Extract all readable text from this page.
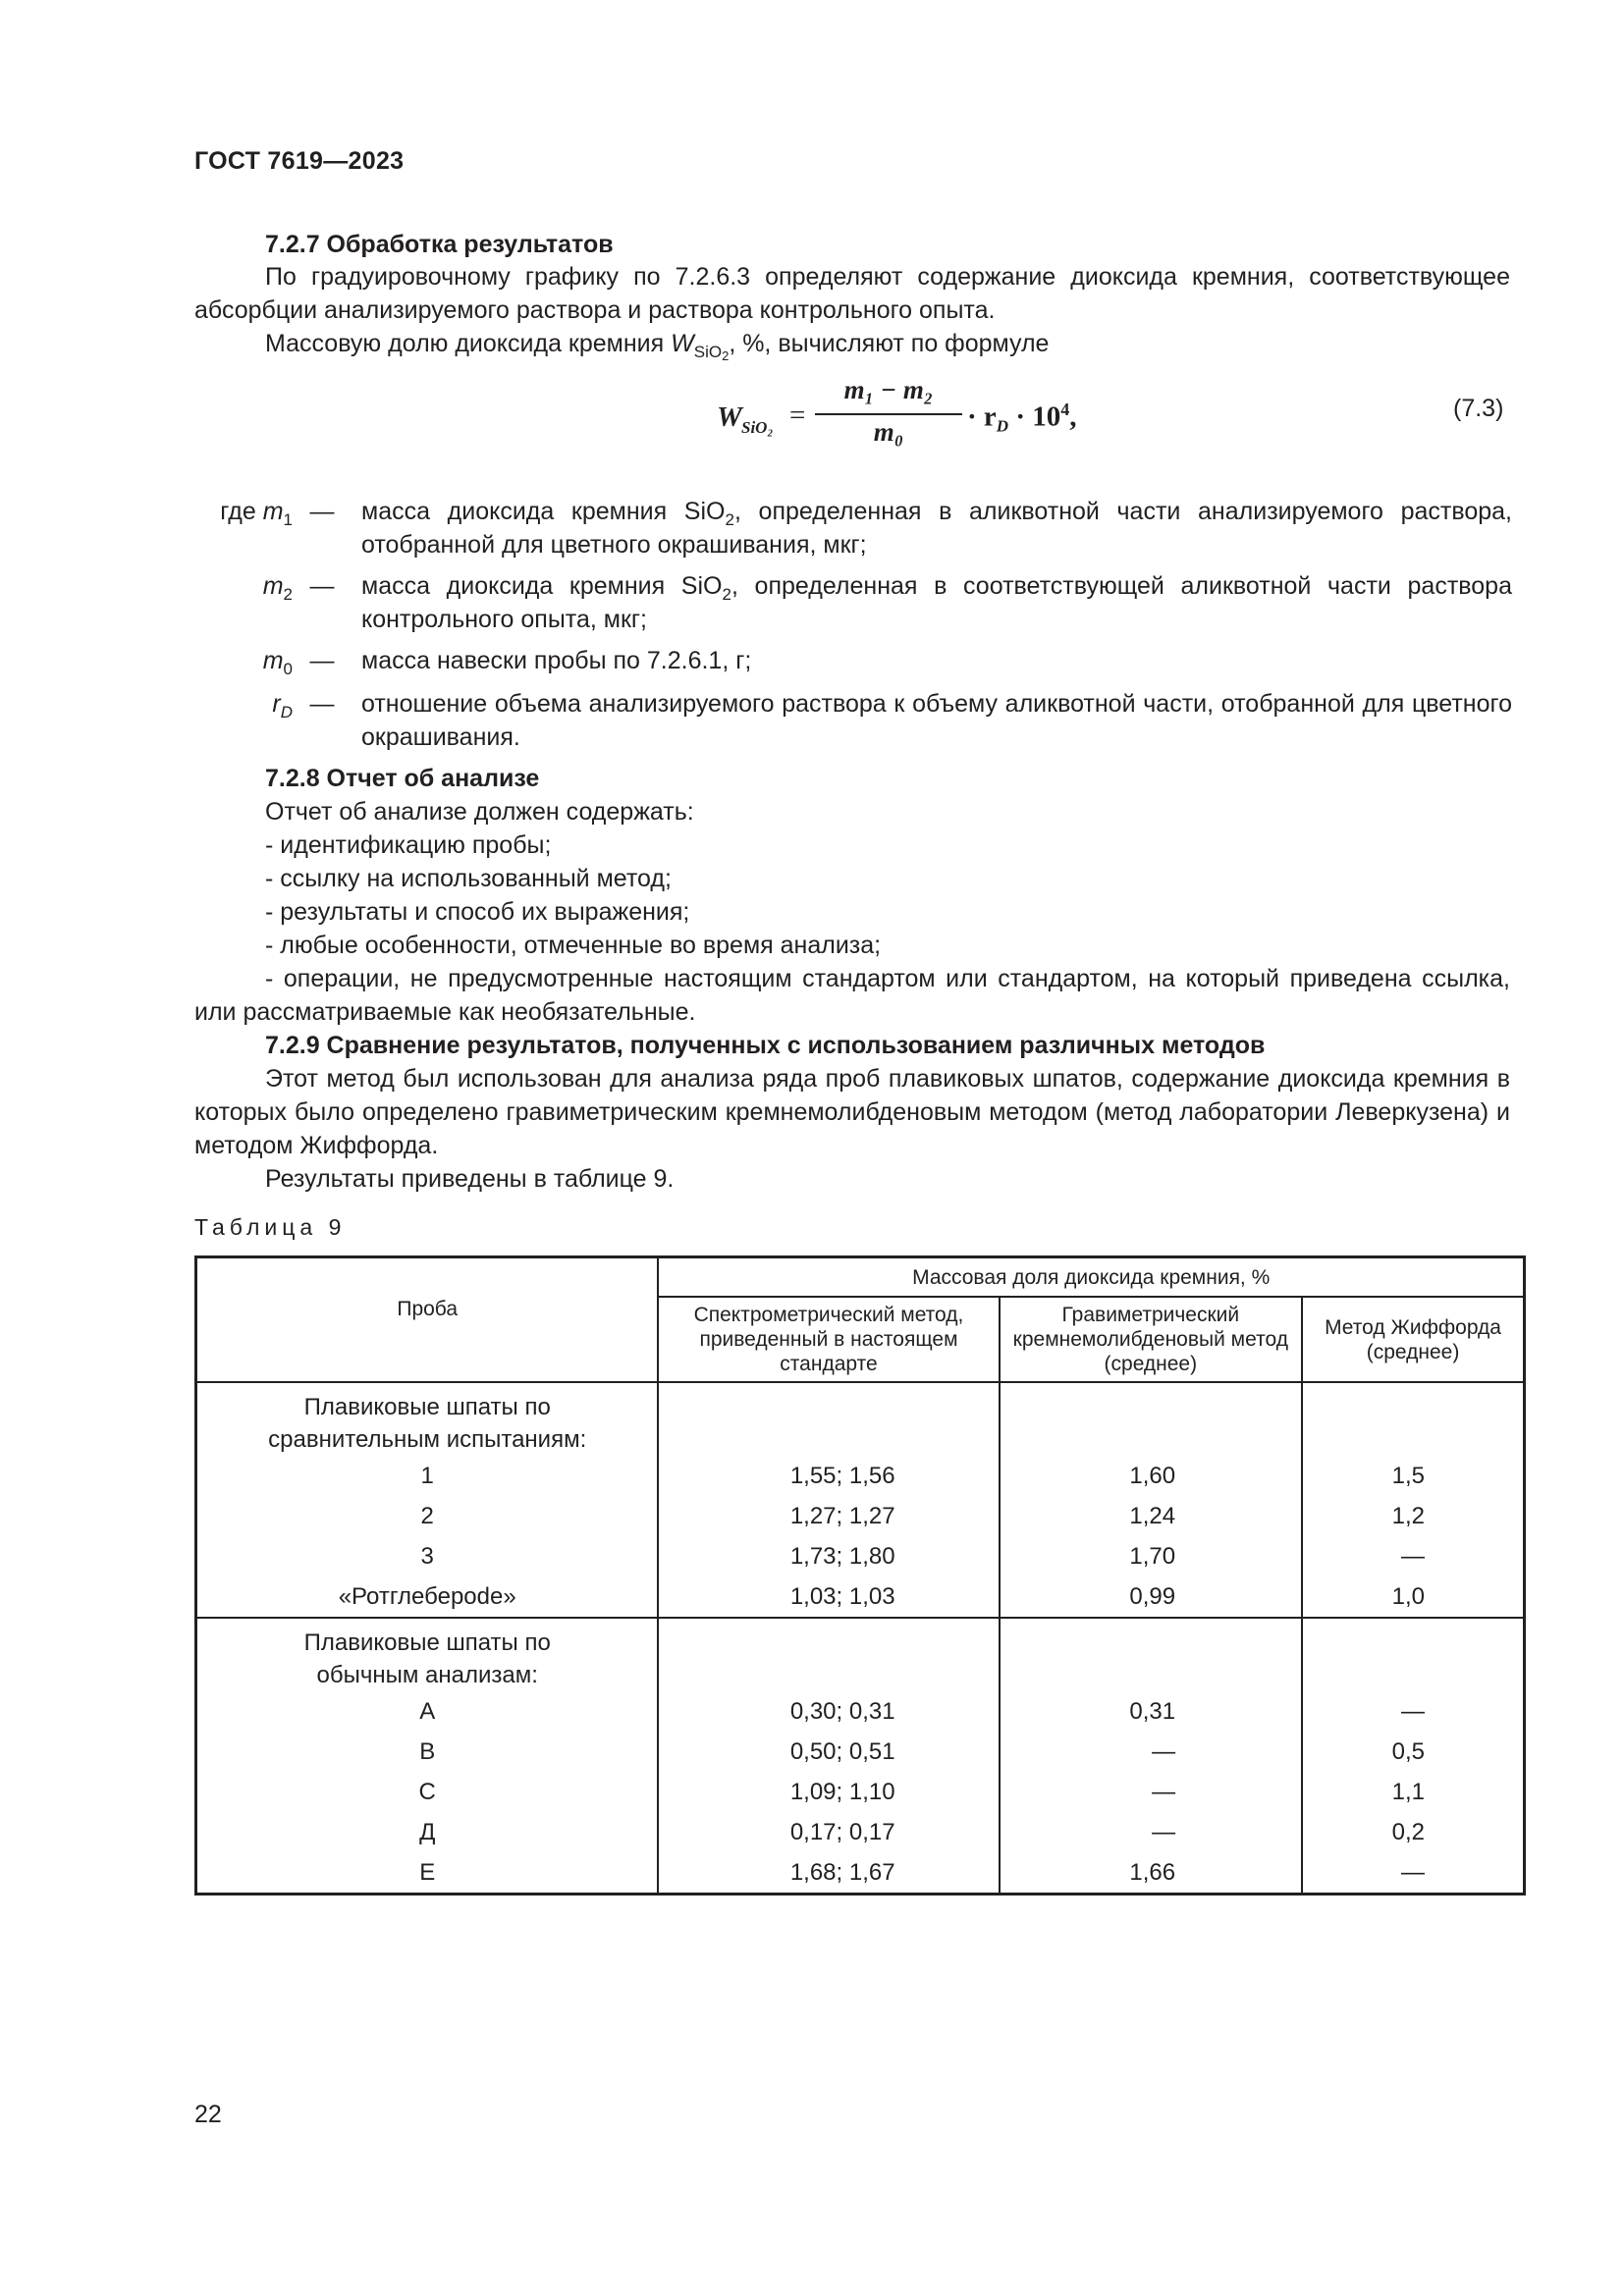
ГОСТ 7619—2023
7.2.7 Обработка результатов
По градуировочному графику по 7.2.6.3 определяют содержание диоксида кремния, соответствующее абсорбции анализируемого раствора и раствора контрольного опыта.
Массовую долю диоксида кремния $W_{SiO_2}$, %, вычисляют по формуле
W SiO₂ =
m₁ − m₂
m₀	· $r_D \cdot 10^4$,	(7.3)
где $m_1$ — масса диоксида кремния SiO$_2$, определенная в аликвотной части анализируемого раствора, отобранной для цветного окрашивания, мкг;
$m_2$ — масса диоксида кремния SiO$_2$, определенная в соответствующей аликвотной части раствора контрольного опыта, мкг;
$m_0$ — масса навески пробы по 7.2.6.1, г;
$r_D$ — отношение объема анализируемого раствора к объему аликвотной части, отобранной для цветного окрашивания.
7.2.8 Отчет об анализе
Отчет об анализе должен содержать:
- идентификацию пробы;
- ссылку на использованный метод;
- результаты и способ их выражения;
- любые особенности, отмеченные во время анализа;
- операции, не предусмотренные настоящим стандартом или стандартом, на который приведена ссылка, или рассматриваемые как необязательные.
7.2.9 Сравнение результатов, полученных с использованием различных методов
Этот метод был использован для анализа ряда проб плавиковых шпатов, содержание диоксида кремния в которых было определено гравиметрическим кремнемолибденовым методом (метод лаборатории Леверкузена) и методом Жиффорда.
Результаты приведены в таблице 9.
Таблица 9
Проба	Массовая доля диоксида кремния, %		
	Спектрометрический метод, приведенный в настоящем стандарте	Гравиметрический кремнемолибденовый метод (среднее)	Метод Жиффорда (среднее)
Плавиковые шпаты по сравнительным испытаниям:			
1	1,55; 1,56	1,60	1,5
2	1,27; 1,27	1,24	1,2
3	1,73; 1,80	1,70	—
«Ротглеберode»	1,03; 1,03	0,99	1,0
Плавиковые шпаты по обычным анализам:			
А	0,30; 0,31	0,31	—
В	0,50; 0,51	—	0,5
С	1,09; 1,10	—	1,1
Д	0,17; 0,17	—	0,2
Е	1,68; 1,67	1,66	—
22
